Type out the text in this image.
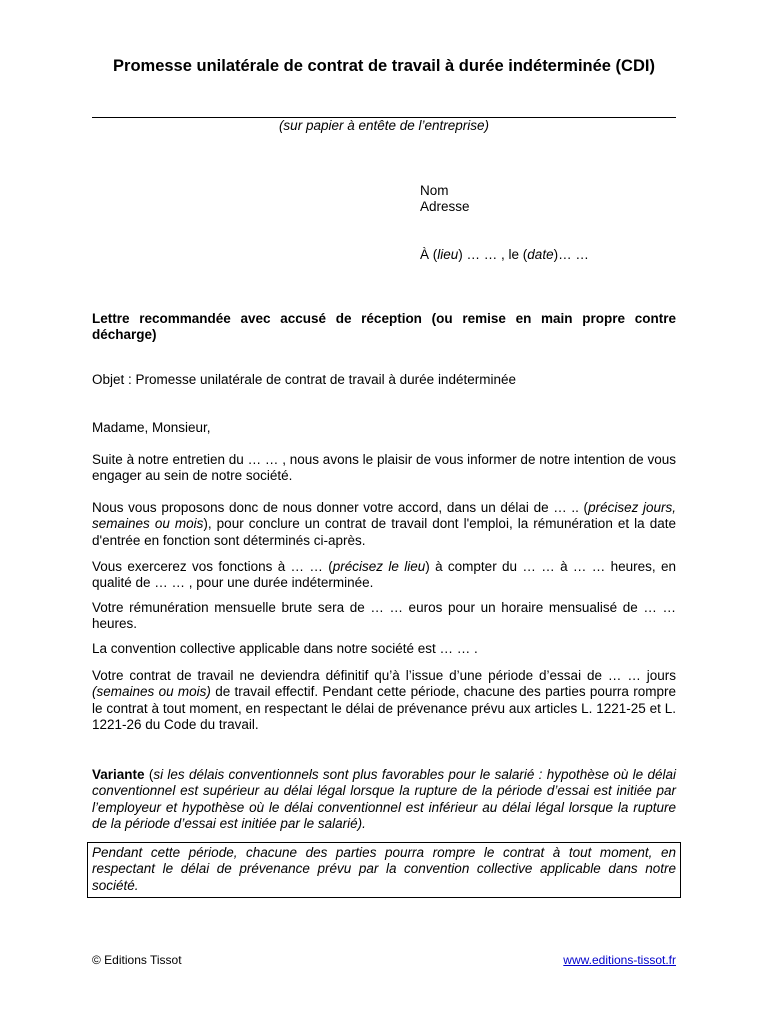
Promesse unilatérale de contrat de travail à durée indéterminée (CDI)
(sur papier à entête de l’entreprise)
Nom
Adresse
À (lieu) … … , le (date)… …
Lettre recommandée avec accusé de réception (ou remise en main propre contre décharge)
Objet : Promesse unilatérale de contrat de travail à durée indéterminée
Madame, Monsieur,
Suite à notre entretien du … … , nous avons le plaisir de vous informer de notre intention de vous engager au sein de notre société.
Nous vous proposons donc de nous donner votre accord, dans un délai de … .. (précisez jours, semaines ou mois), pour conclure un contrat de travail dont l'emploi, la rémunération et la date d'entrée en fonction sont déterminés ci-après.
Vous exercerez vos fonctions à … … (précisez le lieu) à compter du … … à … … heures, en qualité de … … , pour une durée indéterminée.
Votre rémunération mensuelle brute sera de … … euros pour un horaire mensualisé de … … heures.
La convention collective applicable dans notre société est … … .
Votre contrat de travail ne deviendra définitif qu’à l’issue d’une période d’essai de … … jours (semaines ou mois) de travail effectif. Pendant cette période, chacune des parties pourra rompre le contrat à tout moment, en respectant le délai de prévenance prévu aux articles L. 1221-25 et L. 1221-26 du Code du travail.
Variante (si les délais conventionnels sont plus favorables pour le salarié : hypothèse où le délai conventionnel est supérieur au délai légal lorsque la rupture de la période d’essai est initiée par l’employeur et hypothèse où le délai conventionnel est inférieur au délai légal lorsque la rupture de la période d’essai est initiée par le salarié).
Pendant cette période, chacune des parties pourra rompre le contrat à tout moment, en respectant le délai de prévenance prévu par la convention collective applicable dans notre société.
© Editions Tissot	www.editions-tissot.fr
